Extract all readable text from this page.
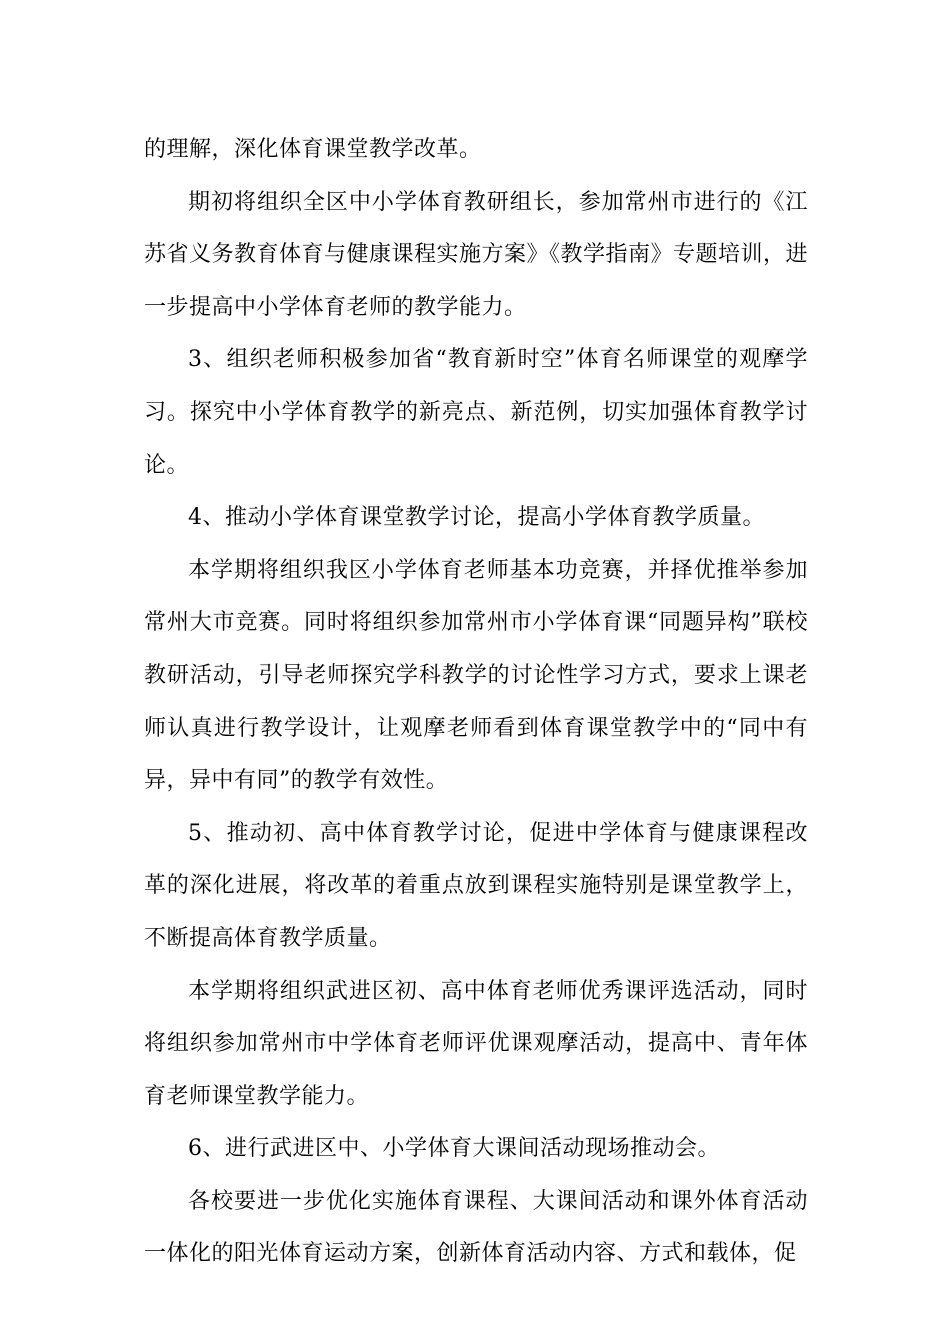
的理解，深化体育课堂教学改革。

期初将组织全区中小学体育教研组长，参加常州市进行的《江苏省义务教育体育与健康课程实施方案》《教学指南》专题培训，进一步提高中小学体育老师的教学能力。

3、组织老师积极参加省“教育新时空”体育名师课堂的观摩学习。探究中小学体育教学的新亮点、新范例，切实加强体育教学讨论。

4、推动小学体育课堂教学讨论，提高小学体育教学质量。

本学期将组织我区小学体育老师基本功竞赛，并择优推举参加常州大市竞赛。同时将组织参加常州市小学体育课“同题异构”联校教研活动，引导老师探究学科教学的讨论性学习方式，要求上课老师认真进行教学设计，让观摩老师看到体育课堂教学中的“同中有异，异中有同”的教学有效性。

5、推动初、高中体育教学讨论，促进中学体育与健康课程改革的深化进展，将改革的着重点放到课程实施特别是课堂教学上，不断提高体育教学质量。

本学期将组织武进区初、高中体育老师优秀课评选活动，同时将组织参加常州市中学体育老师评优课观摩活动，提高中、青年体育老师课堂教学能力。

6、进行武进区中、小学体育大课间活动现场推动会。

各校要进一步优化实施体育课程、大课间活动和课外体育活动一体化的阳光体育运动方案，创新体育活动内容、方式和载体，促
